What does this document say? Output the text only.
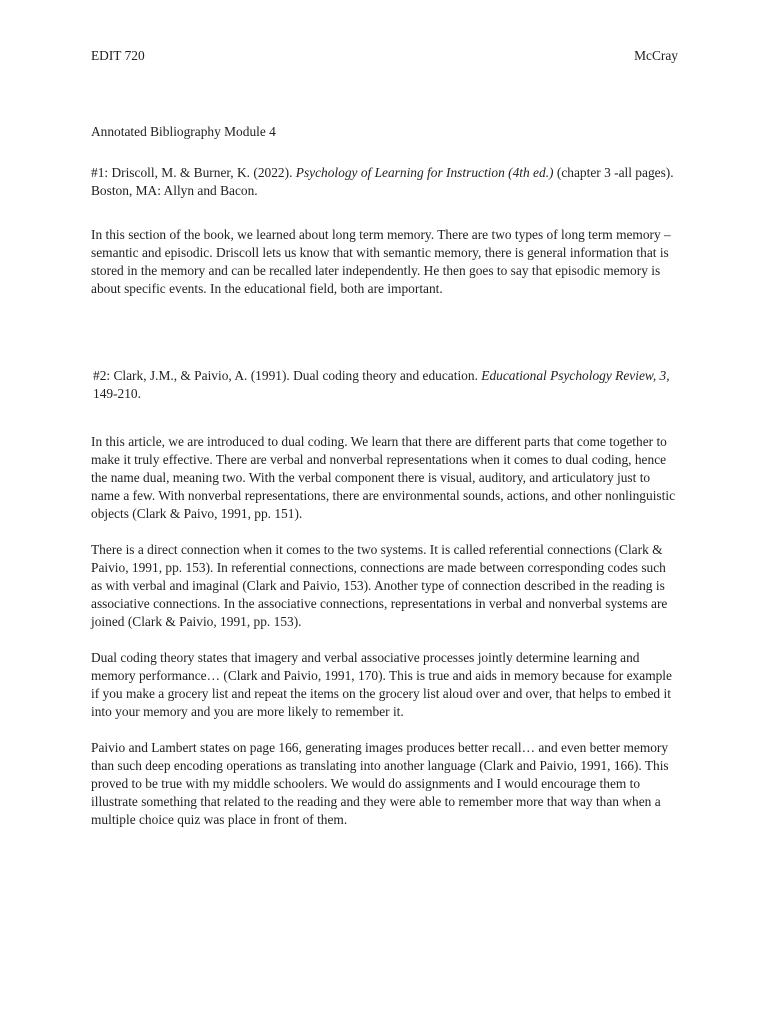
EDIT 720	McCray

Annotated Bibliography Module 4

#1: Driscoll, M. & Burner, K. (2022). Psychology of Learning for Instruction (4th ed.) (chapter 3 -all pages). Boston, MA: Allyn and Bacon.

In this section of the book, we learned about long term memory. There are two types of long term memory – semantic and episodic. Driscoll lets us know that with semantic memory, there is general information that is stored in the memory and can be recalled later independently. He then goes to say that episodic memory is about specific events. In the educational field, both are important.

#2: Clark, J.M., & Paivio, A. (1991). Dual coding theory and education. Educational Psychology Review, 3, 149-210.

In this article, we are introduced to dual coding. We learn that there are different parts that come together to make it truly effective. There are verbal and nonverbal representations when it comes to dual coding, hence the name dual, meaning two. With the verbal component there is visual, auditory, and articulatory just to name a few. With nonverbal representations, there are environmental sounds, actions, and other nonlinguistic objects (Clark & Paivo, 1991, pp. 151).

There is a direct connection when it comes to the two systems. It is called referential connections (Clark & Paivio, 1991, pp. 153). In referential connections, connections are made between corresponding codes such as with verbal and imaginal (Clark and Paivio, 153). Another type of connection described in the reading is associative connections. In the associative connections, representations in verbal and nonverbal systems are joined (Clark & Paivio, 1991, pp. 153).

Dual coding theory states that imagery and verbal associative processes jointly determine learning and memory performance… (Clark and Paivio, 1991, 170). This is true and aids in memory because for example if you make a grocery list and repeat the items on the grocery list aloud over and over, that helps to embed it into your memory and you are more likely to remember it.

Paivio and Lambert states on page 166, generating images produces better recall… and even better memory than such deep encoding operations as translating into another language (Clark and Paivio, 1991, 166). This proved to be true with my middle schoolers. We would do assignments and I would encourage them to illustrate something that related to the reading and they were able to remember more that way than when a multiple choice quiz was place in front of them.
